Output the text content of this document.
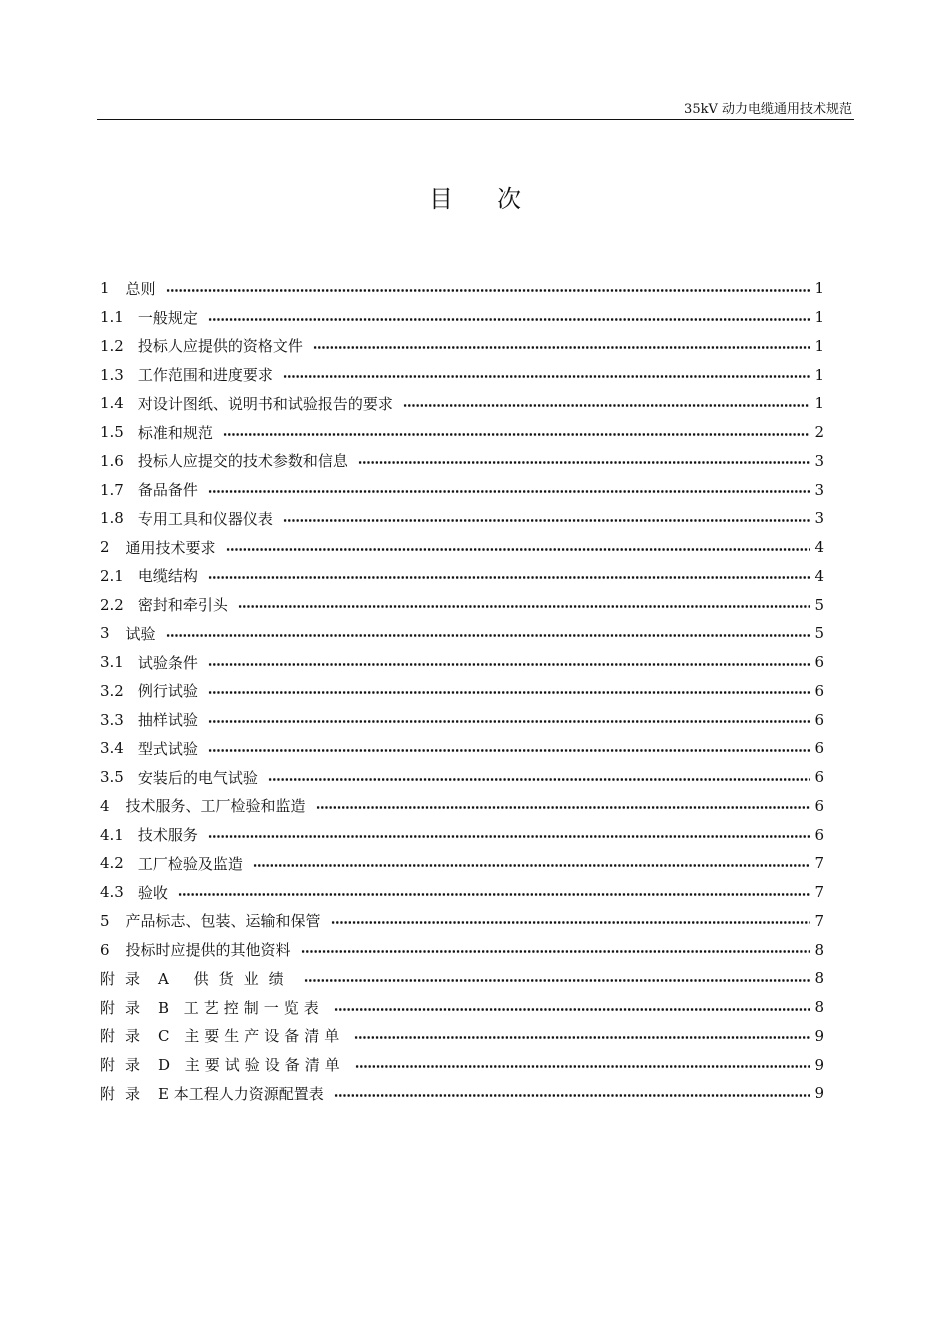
35kV 动力电缆通用技术规范
目次
1 总则	1
1.1 一般规定	1
1.2 投标人应提供的资格文件	1
1.3 工作范围和进度要求	1
1.4 对设计图纸、说明书和试验报告的要求	1
1.5 标准和规范	2
1.6 投标人应提交的技术参数和信息	3
1.7 备品备件	3
1.8 专用工具和仪器仪表	3
2 通用技术要求	4
2.1 电缆结构	4
2.2 密封和牵引头	5
3 试验	5
3.1 试验条件	6
3.2 例行试验	6
3.3 抽样试验	6
3.4 型式试验	6
3.5 安装后的电气试验	6
4 技术服务、工厂检验和监造	6
4.1 技术服务	6
4.2 工厂检验及监造	7
4.3 验收	7
5 产品标志、包装、运输和保管	7
6 投标时应提供的其他资料	8
附录 A 供货业绩	8
附录 B 工艺控制一览表	8
附录 C 主要生产设备清单	9
附录 D 主要试验设备清单	9
附录 E 本工程人力资源配置表	9
